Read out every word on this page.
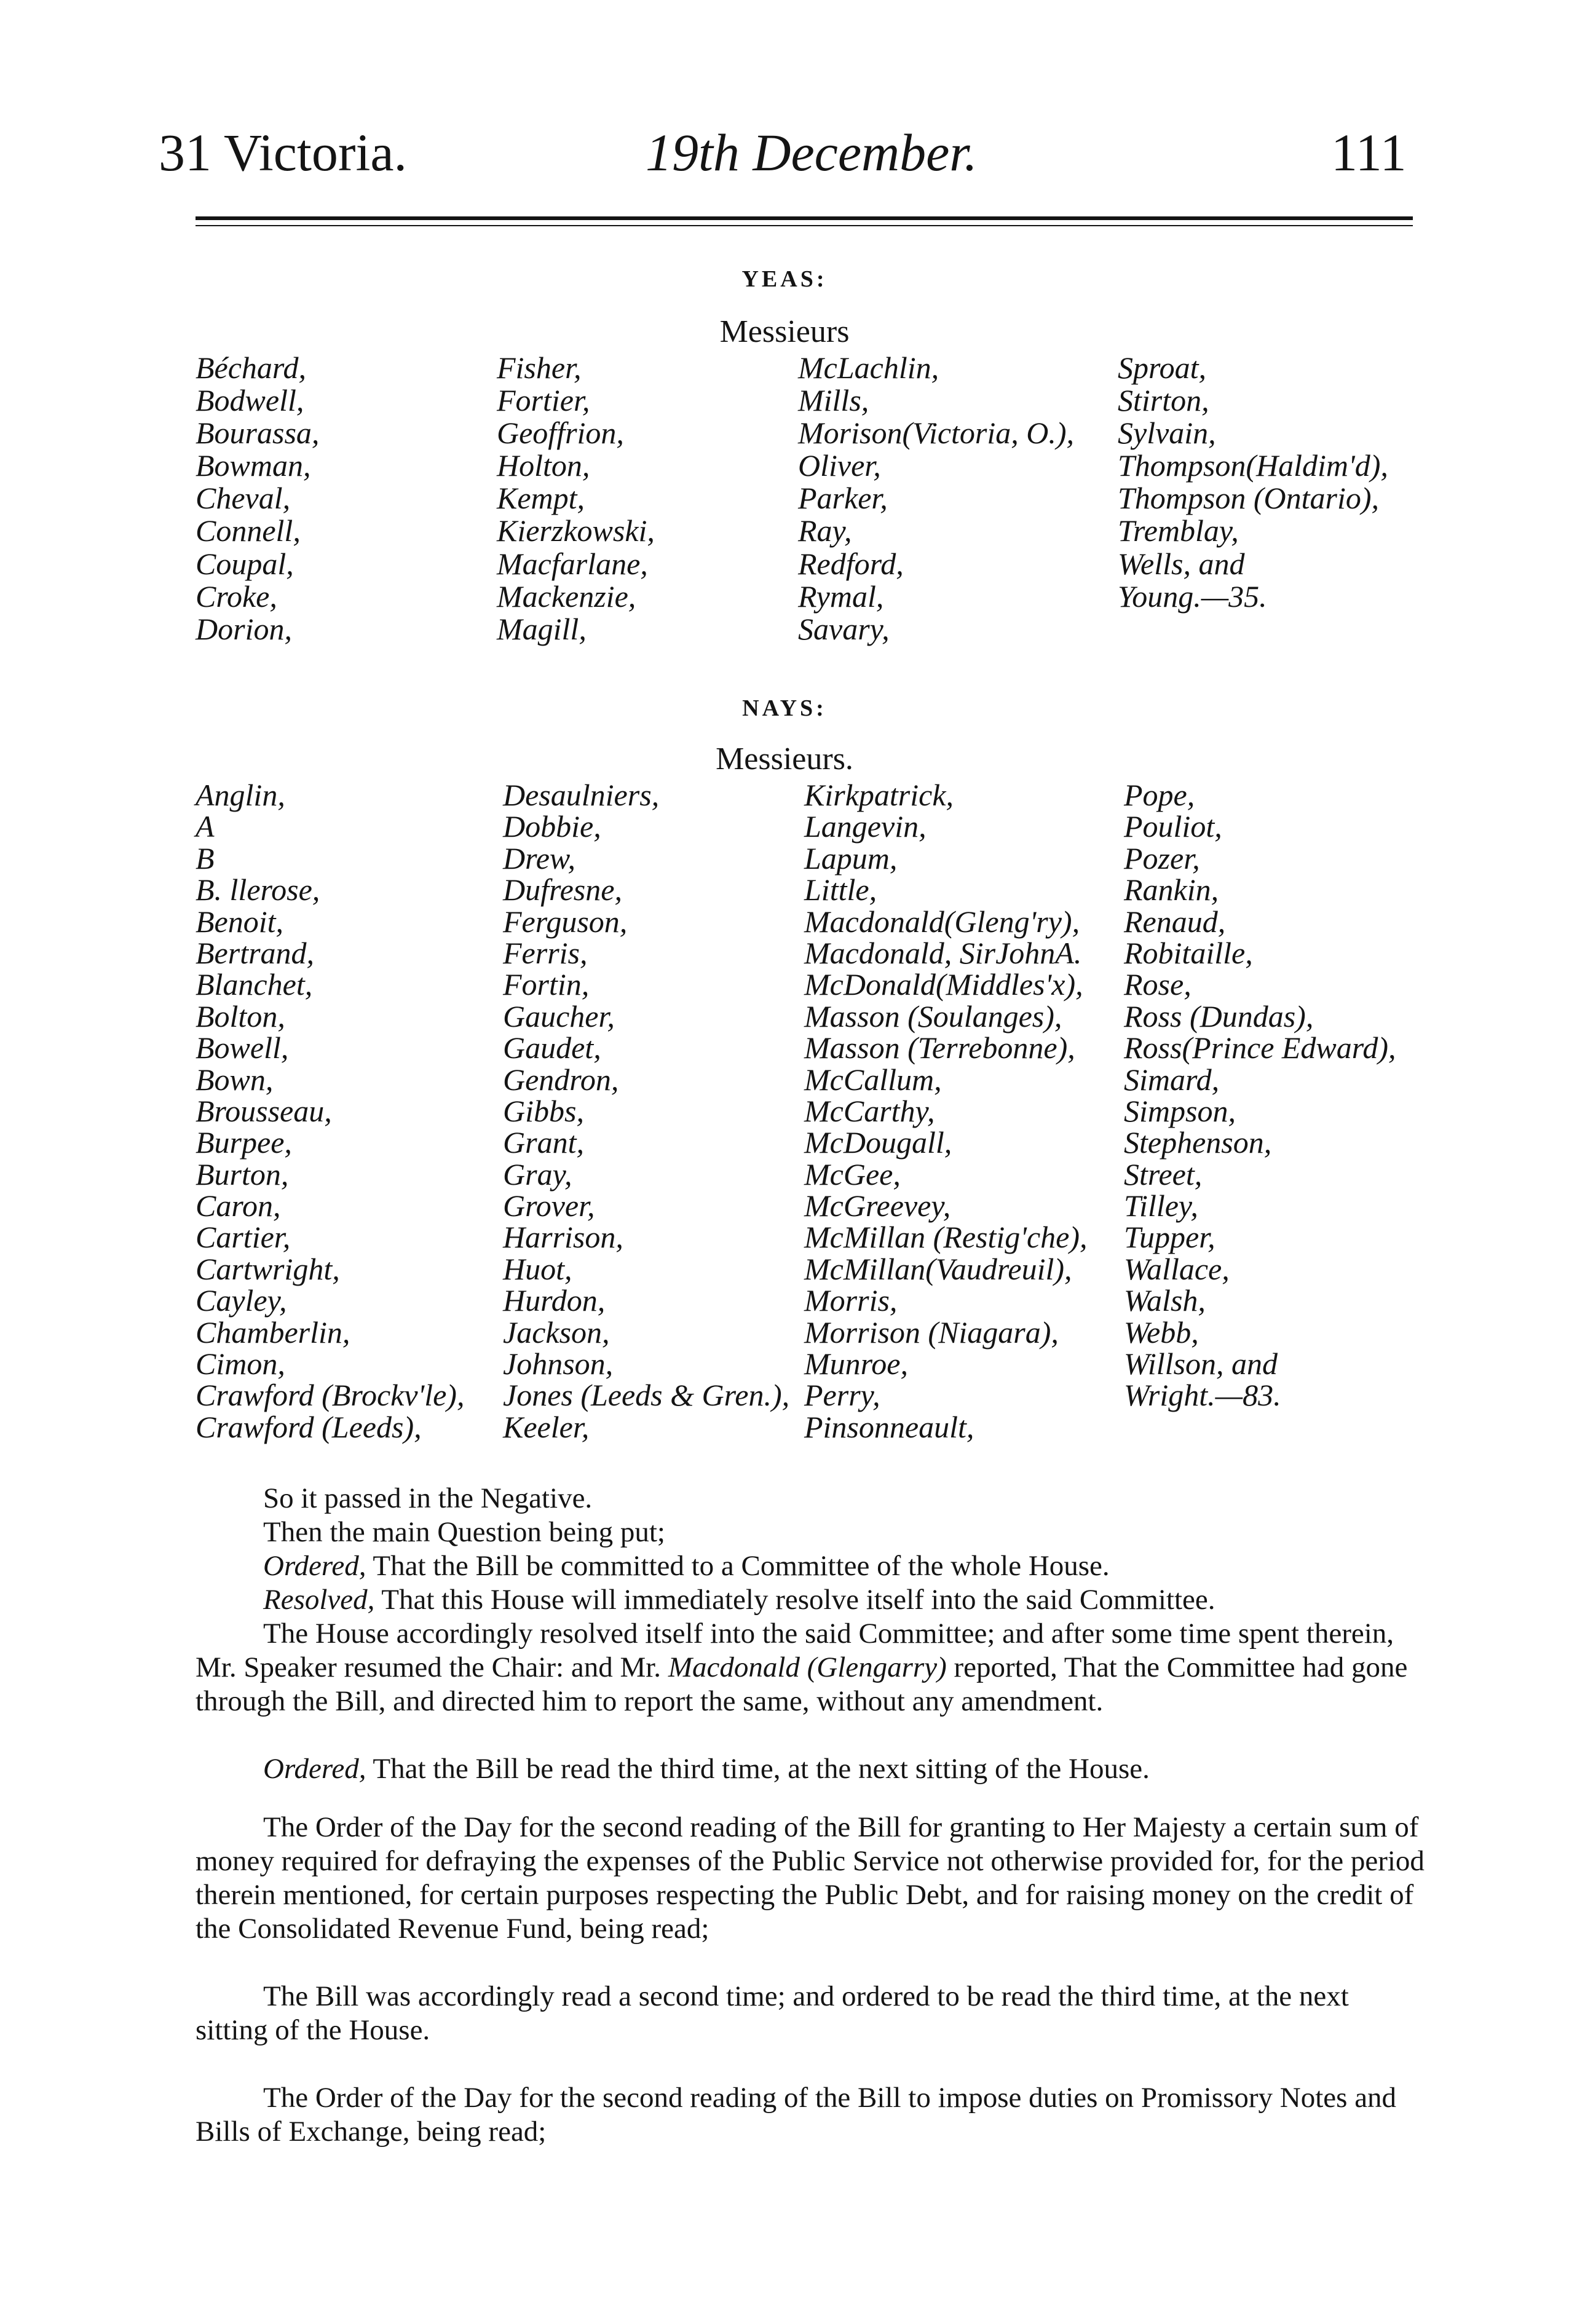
31 Victoria.	19th December.	111
YEAS:
Messieurs
Béchard,
Bodwell,
Bourassa,
Bowman,
Cheval,
Connell,
Coupal,
Croke,
Dorion,
Fisher,
Fortier,
Geoffrion,
Holton,
Kempt,
Kierzkowski,
Macfarlane,
Mackenzie,
Magill,
McLachlin,
Mills,
Morison(Victoria, O.),
Oliver,
Parker,
Ray,
Redford,
Rymal,
Savary,
Sproat,
Stirton,
Sylvain,
Thompson(Haldim'd),
Thompson (Ontario),
Tremblay,
Wells, and
Young.—35.
NAYS:
Messieurs.
Anglin,
A
B
B. llerose,
Benoit,
Bertrand,
Blanchet,
Bolton,
Bowell,
Bown,
Brousseau,
Burpee,
Burton,
Caron,
Cartier,
Cartwright,
Cayley,
Chamberlin,
Cimon,
Crawford (Brockv'le),
Crawford (Leeds),
Desaulniers,
Dobbie,
Drew,
Dufresne,
Ferguson,
Ferris,
Fortin,
Gaucher,
Gaudet,
Gendron,
Gibbs,
Grant,
Gray,
Grover,
Harrison,
Huot,
Hurdon,
Jackson,
Johnson,
Jones (Leeds & Gren.),
Keeler,
Kirkpatrick,
Langevin,
Lapum,
Little,
Macdonald(Gleng'ry),
Macdonald, SirJohnA.
McDonald(Middles'x),
Masson (Soulanges),
Masson (Terrebonne),
McCallum,
McCarthy,
McDougall,
McGee,
McGreevey,
McMillan (Restig'che),
McMillan(Vaudreuil),
Morris,
Morrison (Niagara),
Munroe,
Perry,
Pinsonneault,
Pope,
Pouliot,
Pozer,
Rankin,
Renaud,
Robitaille,
Rose,
Ross (Dundas),
Ross(Prince Edward),
Simard,
Simpson,
Stephenson,
Street,
Tilley,
Tupper,
Wallace,
Walsh,
Webb,
Willson, and
Wright.—83.
So it passed in the Negative.
Then the main Question being put;
Ordered, That the Bill be committed to a Committee of the whole House.
Resolved, That this House will immediately resolve itself into the said Committee.
The House accordingly resolved itself into the said Committee; and after some time spent therein, Mr. Speaker resumed the Chair: and Mr. Macdonald (Glengarry) reported, That the Committee had gone through the Bill, and directed him to report the same, without any amendment.
Ordered, That the Bill be read the third time, at the next sitting of the House.
The Order of the Day for the second reading of the Bill for granting to Her Majesty a certain sum of money required for defraying the expenses of the Public Service not otherwise provided for, for the period therein mentioned, for certain purposes respecting the Public Debt, and for raising money on the credit of the Consolidated Revenue Fund, being read;
The Bill was accordingly read a second time; and ordered to be read the third time, at the next sitting of the House.
The Order of the Day for the second reading of the Bill to impose duties on Promissory Notes and Bills of Exchange, being read;
